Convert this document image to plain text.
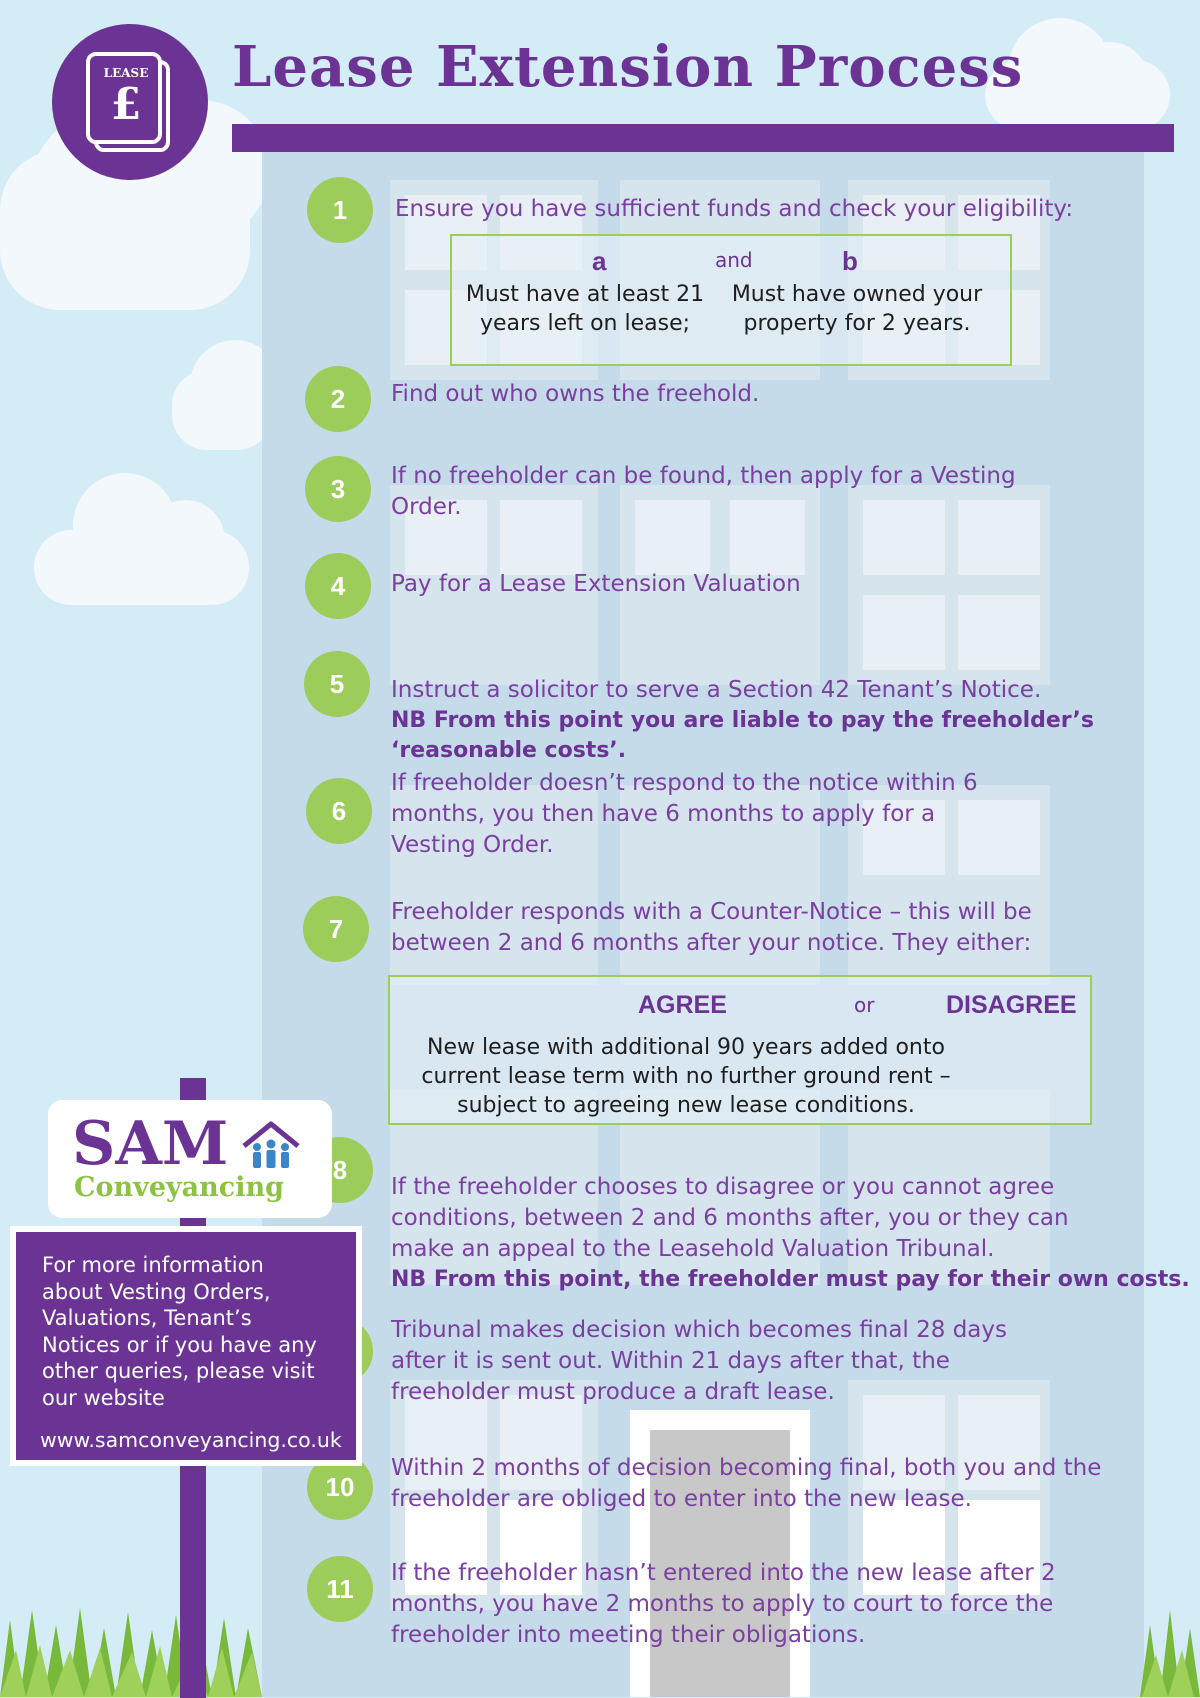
LEASE
£
Lease Extension Process
1
2
3
4
5
6
7
8
10
11

Ensure you have sufficient funds and check your eligibility:

Find out who owns the freehold.

If no freeholder can be found, then apply for a Vesting
Order.

Pay for a Lease Extension Valuation

Instruct a solicitor to serve a Section 42 Tenant’s Notice.

NB From this point you are liable to pay the freeholder’s
‘reasonable costs’.

If freeholder doesn’t respond to the notice within 6
months, you then have 6 months to apply for a
Vesting Order.

Freeholder responds with a Counter-Notice – this will be
between 2 and 6 months after your notice. They either:

If the freeholder chooses to disagree or you cannot agree
conditions, between 2 and 6 months after, you or they can
make an appeal to the Leasehold Valuation Tribunal.

NB From this point, the freeholder must pay for their own costs.

Tribunal makes decision which becomes final 28 days
after it is sent out. Within 21 days after that, the
freeholder must produce a draft lease.

Within 2 months of decision becoming final, both you and the
freeholder are obliged to enter into the new lease.

If the freeholder hasn’t entered into the new lease after 2
months, you have 2 months to apply to court to force the
freeholder into meeting their obligations.

a	and	b

Must have at least 21
years left on lease;

Must have owned your
property for 2 years.

AGREE	or	DISAGREE

New lease with additional 90 years added onto
current lease term with no further ground rent –
subject to agreeing new lease conditions.

SAM

Conveyancing

For more information
about Vesting Orders,
Valuations, Tenant’s
Notices or if you have any
other queries, please visit
our website

www.samconveyancing.co.uk
